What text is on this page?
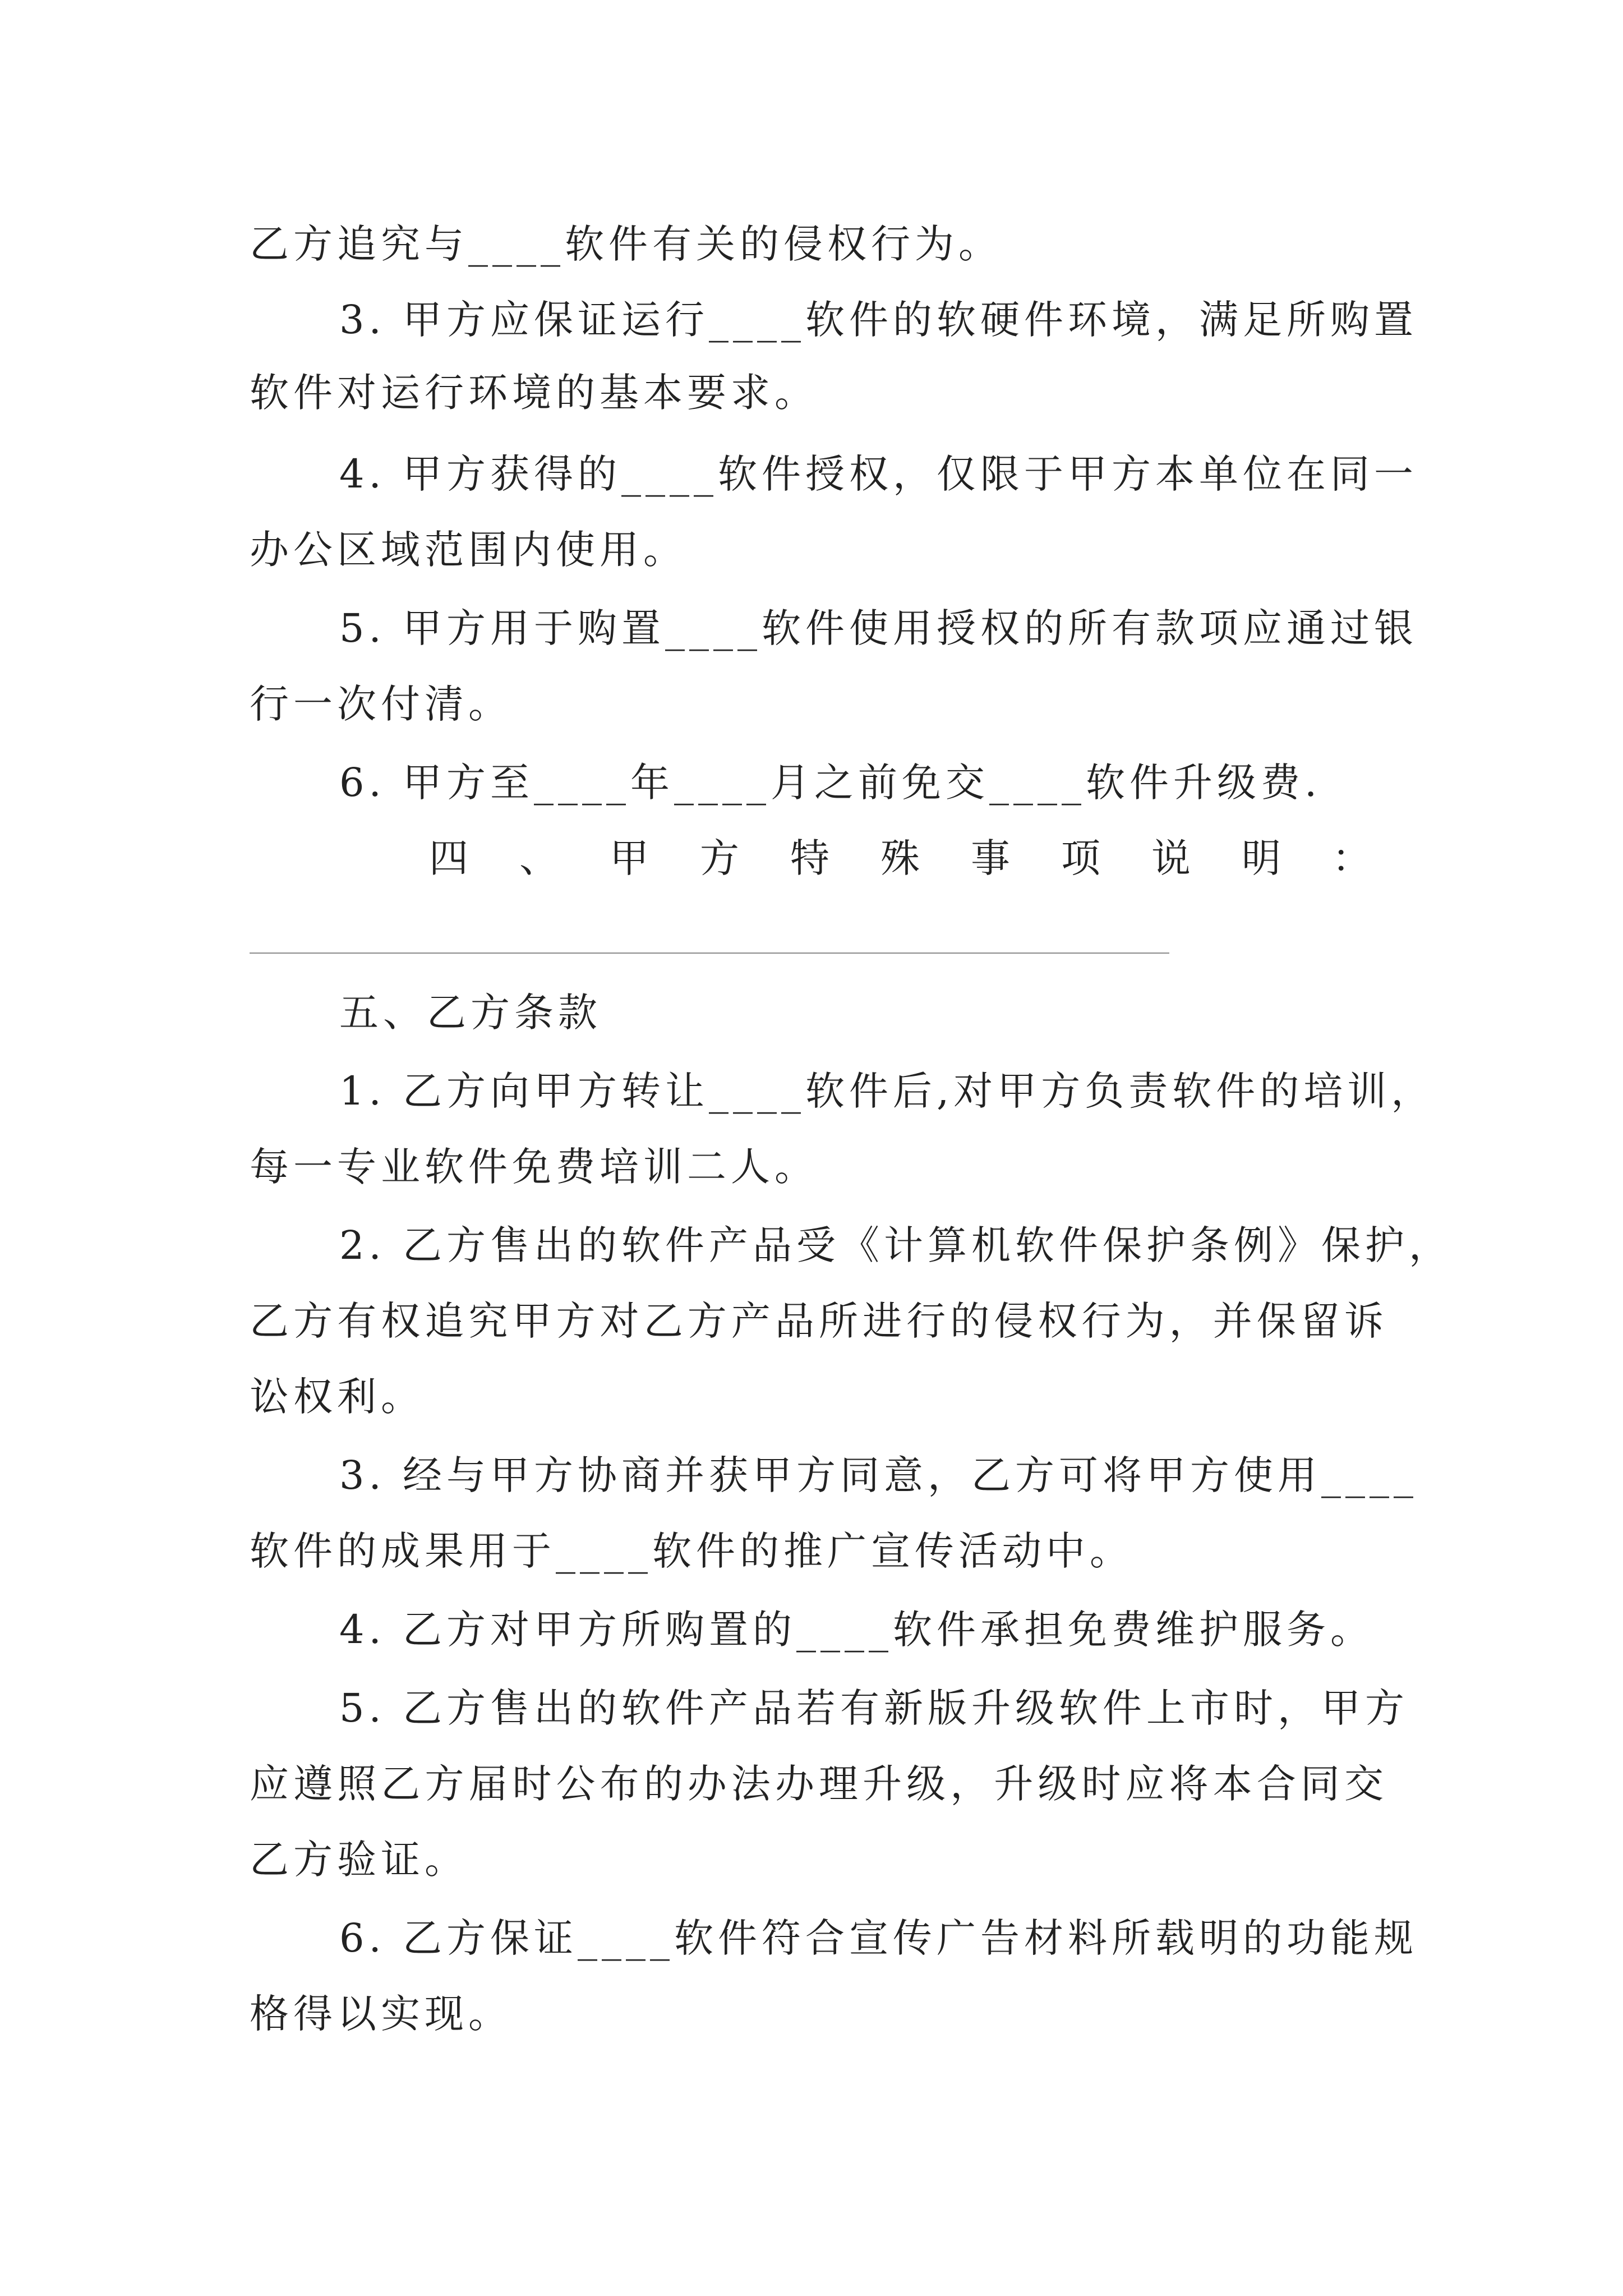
乙方追究与____软件有关的侵权行为。

3. 甲方应保证运行____软件的软硬件环境，满足所购置

软件对运行环境的基本要求。

4. 甲方获得的____软件授权，仅限于甲方本单位在同一

办公区域范围内使用。

5. 甲方用于购置____软件使用授权的所有款项应通过银

行一次付清。

6. 甲方至____年____月之前免交____软件升级费.

四 、 甲 方 特 殊 事 项 说 明 ：

五、乙方条款

1. 乙方向甲方转让____软件后,对甲方负责软件的培训，

每一专业软件免费培训二人。

2. 乙方售出的软件产品受《计算机软件保护条例》保护，

乙方有权追究甲方对乙方产品所进行的侵权行为，并保留诉

讼权利。

3. 经与甲方协商并获甲方同意，乙方可将甲方使用____

软件的成果用于____软件的推广宣传活动中。

4. 乙方对甲方所购置的____软件承担免费维护服务。

5. 乙方售出的软件产品若有新版升级软件上市时，甲方

应遵照乙方届时公布的办法办理升级，升级时应将本合同交

乙方验证。

6. 乙方保证____软件符合宣传广告材料所载明的功能规

格得以实现。
